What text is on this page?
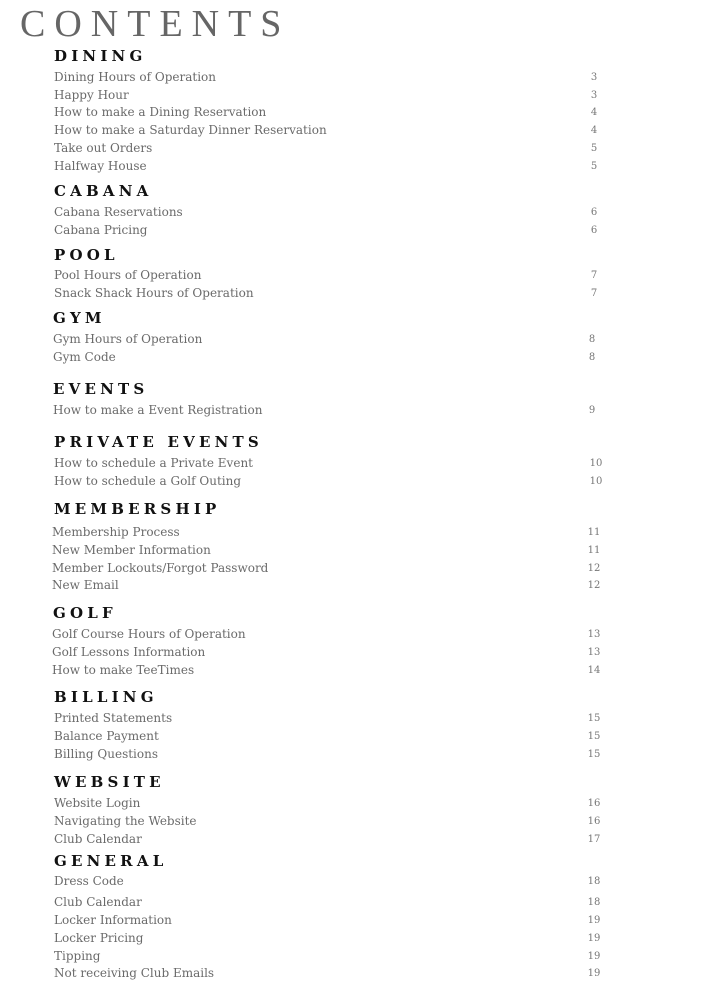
CONTENTS
DINING
Dining Hours of Operation	3
Happy Hour	3
How to make a Dining Reservation	4
How to make a Saturday Dinner Reservation	4
Take out Orders	5
Halfway House	5
CABANA
Cabana Reservations	6
Cabana Pricing	6
POOL
Pool Hours of Operation	7
Snack Shack Hours of Operation	7
GYM
Gym Hours of Operation	8
Gym Code	8
EVENTS
How to make a Event Registration	9
PRIVATE EVENTS
How to schedule a Private Event	10
How to schedule a Golf Outing	10
MEMBERSHIP
Membership Process	11
New Member Information	11
Member Lockouts/Forgot Password	12
New Email	12
GOLF
Golf Course Hours of Operation	13
Golf Lessons Information	13
How to make TeeTimes	14
BILLING
Printed Statements	15
Balance Payment	15
Billing Questions	15
WEBSITE
Website Login	16
Navigating the Website	16
Club Calendar	17
GENERAL
Dress Code	18
Club Calendar	18
Locker Information	19
Locker Pricing	19
Tipping	19
Not receiving Club Emails	19
